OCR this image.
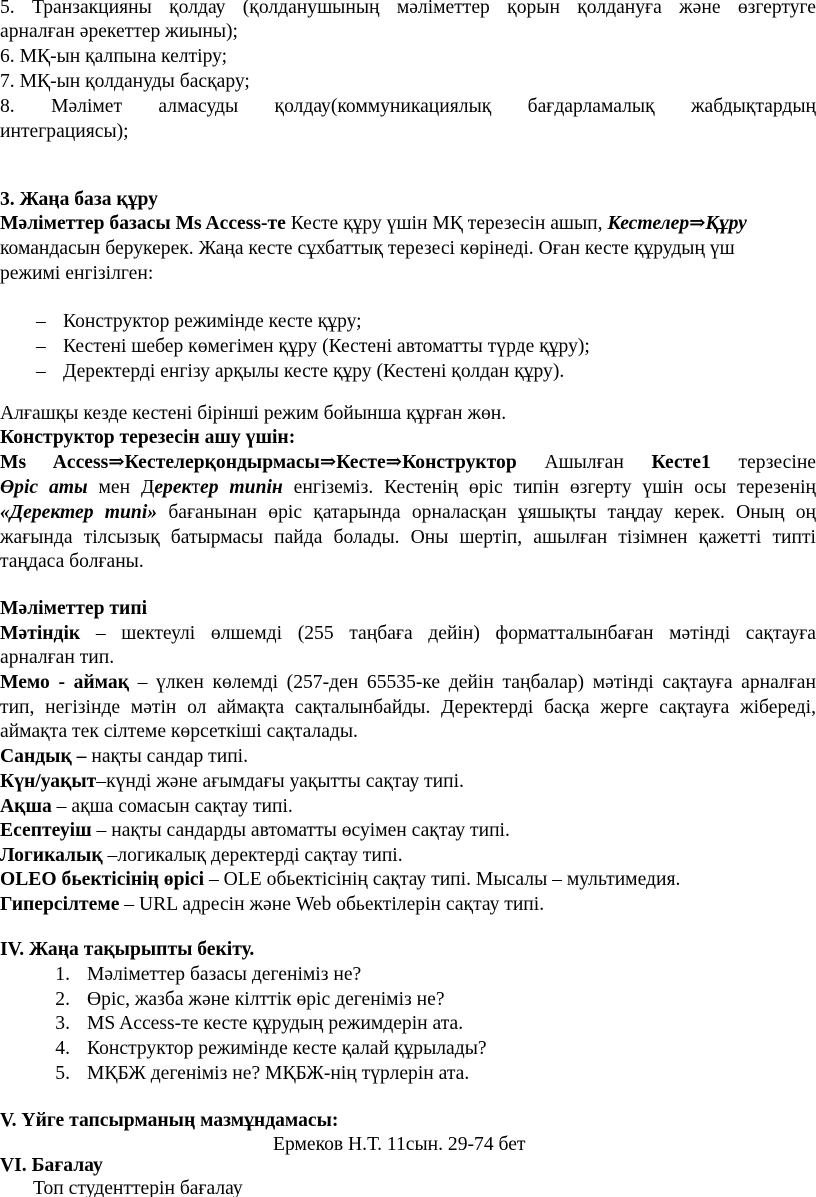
5. Транзакцияны қолдау (қолданушының мәліметтер қорын қолдануға және өзгертуге
арналған әрекеттер жиыны);
6. МҚ-ын қалпына келтіру;
7. МҚ-ын қолдануды басқару;
8. Мәлімет алмасуды қолдау(коммуникациялық бағдарламалық жабдықтардың
интеграциясы);
3. Жаңа база құру
Мәліметтер базасы Ms Access-те Кесте құру үшін МҚ терезесін ашып, Кестелер⇒Құру
командасын берукерек. Жаңа кесте сұхбаттық терезесі көрінеді. Оған кесте құрудың үш
режимі енгізілген:
– Конструктор режимінде кесте құру;
– Кестені шебер көмегімен құру (Кестені автоматты түрде құру);
– Деректерді енгізу арқылы кесте құру (Кестені қолдан құру).
Алғашқы кезде кестені бірінші режим бойынша құрған жөн.
Конструктор терезесін ашу үшін:
Ms Access⇒Кестелерқондырмасы⇒Кесте⇒Конструктор Ашылған Кесте1 терзесіне
Өріс аты мен Деректер типін енгіземіз. Кестенің өріс типін өзгерту үшін осы терезенің
«Деректер типі» бағанынан өріс қатарында орналасқан ұяшықты таңдау керек. Оның оң
жағында тілсызық батырмасы пайда болады. Оны шертіп, ашылған тізімнен қажетті типті
таңдаса болғаны.
Мәліметтер типі
Мәтіндік – шектеулі өлшемді (255 таңбаға дейін) форматталынбаған мәтінді сақтауға
арналған тип.
Мемо - аймақ – үлкен көлемді (257-ден 65535-ке дейін таңбалар) мәтінді сақтауға арналған
тип, негізінде мәтін ол аймақта сақталынбайды. Деректерді басқа жерге сақтауға жібереді,
аймақта тек сілтеме көрсеткіші сақталады.
Сандық – нақты сандар типі.
Күн/уақыт–күнді және ағымдағы уақытты сақтау типі.
Ақша – ақша сомасын сақтау типі.
Есептеуіш – нақты сандарды автоматты өсуімен сақтау типі.
Логикалық –логикалық деректерді сақтау типі.
OLEO бьектісінің өрісі – OLE обьектісінің сақтау типі. Мысалы – мультимедия.
Гиперсілтеме – URL адресін және Web обьектілерін сақтау типі.
IV. Жаңа тақырыпты бекіту.
1. Мәліметтер базасы дегеніміз не?
2. Өріс, жазба және кілттік өріс дегеніміз не?
3. MS Access-те кесте құрудың режимдерін ата.
4. Конструктор режимінде кесте қалай құрылады?
5. МҚБЖ дегеніміз не? МҚБЖ-нің түрлерін ата.
V. Үйге тапсырманың мазмұндамасы:
Ермеков Н.Т. 11сын. 29-74 бет
VI. Бағалау
Топ студенттерін бағалау
